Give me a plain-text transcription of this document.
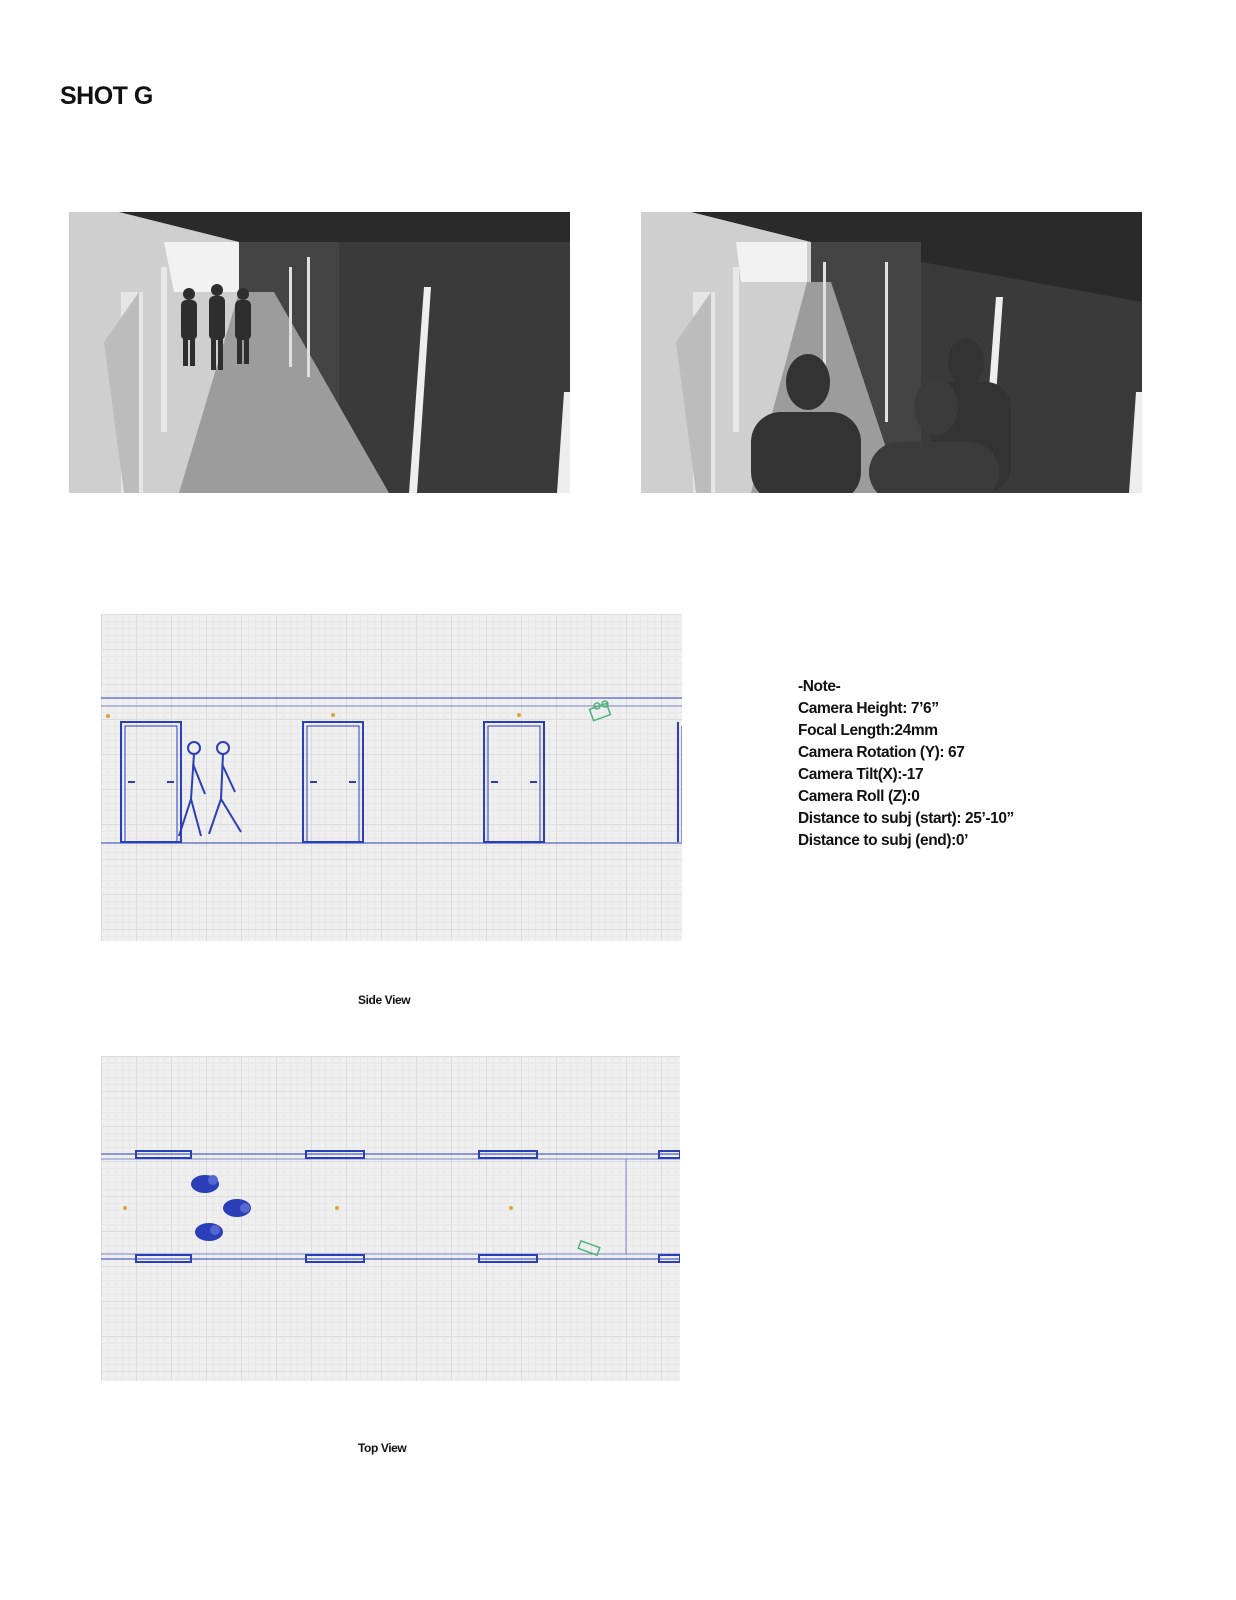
SHOT G
Side View
Top View
-Note-
Camera Height: 7’6”
Focal Length:24mm
Camera Rotation (Y): 67
Camera Tilt(X):-17
Camera Roll (Z):0
Distance to subj (start): 25’-10”
Distance to subj (end):0’
